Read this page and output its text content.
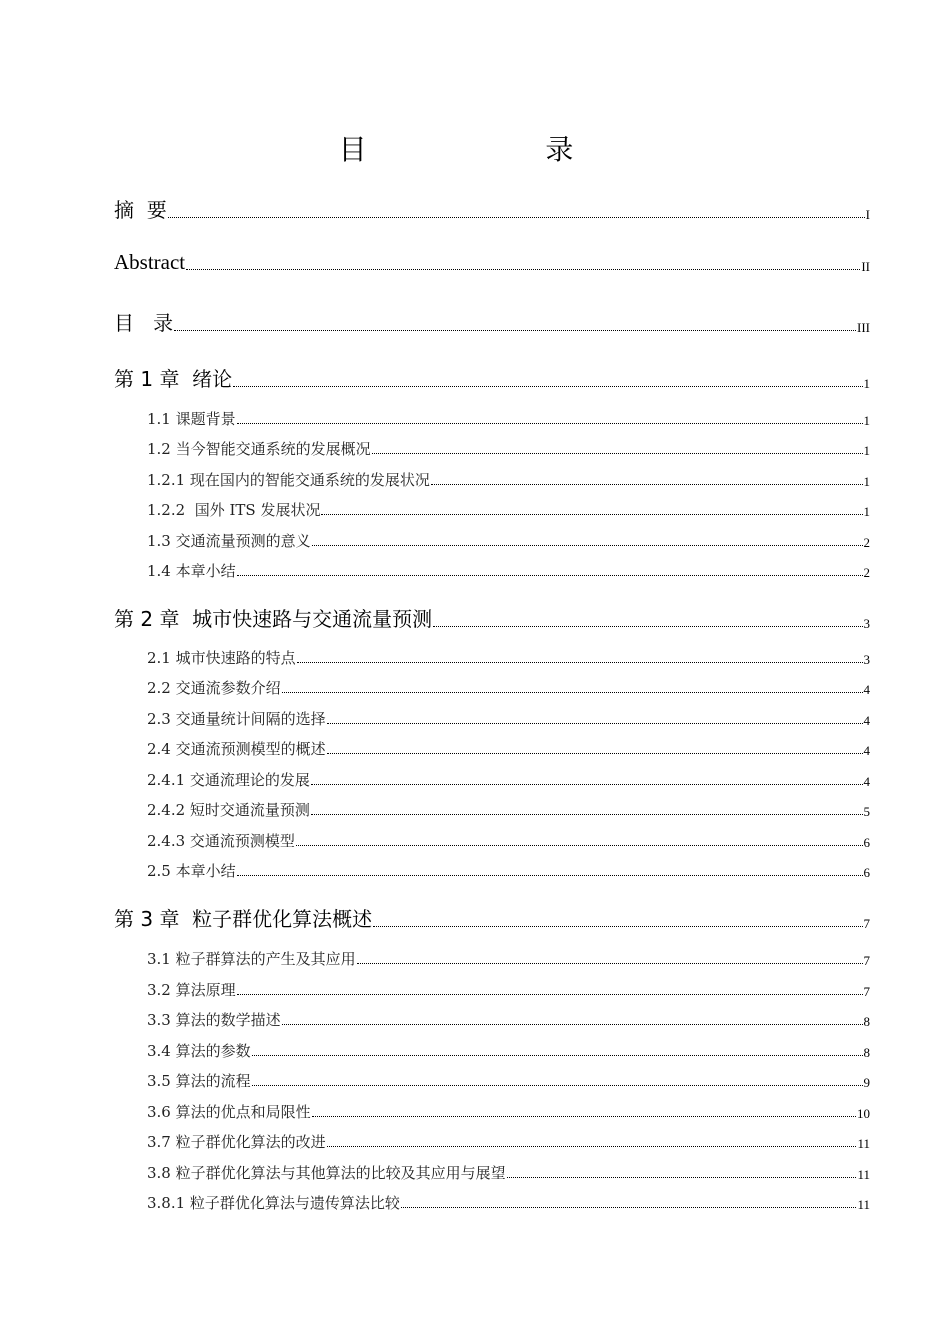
目   录
摘  要	I
Abstract	II
目   录	III
第 1 章  绪论	1
1.1 课题背景	1
1.2 当今智能交通系统的发展概况	1
1.2.1 现在国内的智能交通系统的发展状况	1
1.2.2  国外 ITS 发展状况	1
1.3 交通流量预测的意义	2
1.4 本章小结	2
第 2 章  城市快速路与交通流量预测	3
2.1 城市快速路的特点	3
2.2 交通流参数介绍	4
2.3 交通量统计间隔的选择	4
2.4 交通流预测模型的概述	4
2.4.1 交通流理论的发展	4
2.4.2 短时交通流量预测	5
2.4.3 交通流预测模型	6
2.5 本章小结	6
第 3 章  粒子群优化算法概述	7
3.1 粒子群算法的产生及其应用	7
3.2 算法原理	7
3.3 算法的数学描述	8
3.4 算法的参数	8
3.5 算法的流程	9
3.6 算法的优点和局限性	10
3.7 粒子群优化算法的改进	11
3.8 粒子群优化算法与其他算法的比较及其应用与展望	11
3.8.1 粒子群优化算法与遗传算法比较	11
